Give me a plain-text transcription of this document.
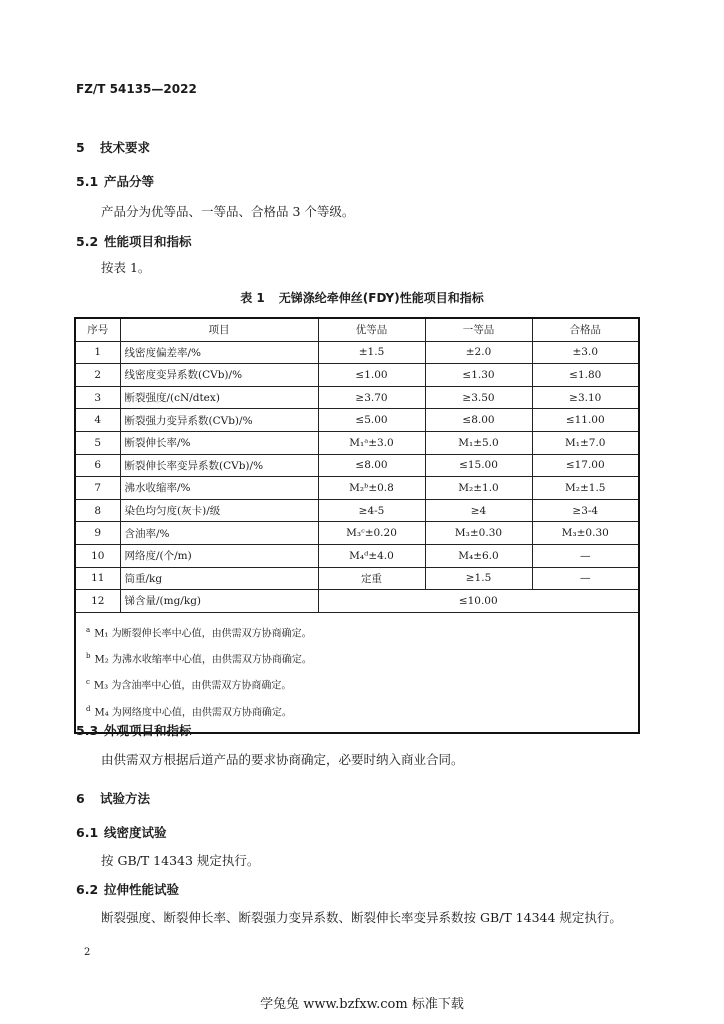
FZ/T 54135—2022
5 技术要求
5.1 产品分等
产品分为优等品、一等品、合格品 3 个等级。
5.2 性能项目和指标
按表 1。
表 1 无锑涤纶牵伸丝(FDY)性能项目和指标
序号	项目	优等品	一等品	合格品
1	线密度偏差率/%	±1.5	±2.0	±3.0
2	线密度变异系数(CVb)/%	≤1.00	≤1.30	≤1.80
3	断裂强度/(cN/dtex)	≥3.70	≥3.50	≥3.10
4	断裂强力变异系数(CVb)/%	≤5.00	≤8.00	≤11.00
5	断裂伸长率/%	M₁ᵃ±3.0	M₁±5.0	M₁±7.0
6	断裂伸长率变异系数(CVb)/%	≤8.00	≤15.00	≤17.00
7	沸水收缩率/%	M₂ᵇ±0.8	M₂±1.0	M₂±1.5
8	染色均匀度(灰卡)/级	≥4-5	≥4	≥3-4
9	含油率/%	M₃ᶜ±0.20	M₃±0.30	M₃±0.30
10	网络度/(个/m)	M₄ᵈ±4.0	M₄±6.0	—
11	筒重/kg	定重	≥1.5	—
12	锑含量/(mg/kg)	≤10.00		

$^a$ M₁ 为断裂伸长率中心值，由供需双方协商确定。
$^b$ M₂ 为沸水收缩率中心值，由供需双方协商确定。
$^c$ M₃ 为含油率中心值，由供需双方协商确定。
$^d$ M₄ 为网络度中心值，由供需双方协商确定。				
5.3 外观项目和指标
由供需双方根据后道产品的要求协商确定，必要时纳入商业合同。
6 试验方法
6.1 线密度试验
按 GB/T 14343 规定执行。
6.2 拉伸性能试验
断裂强度、断裂伸长率、断裂强力变异系数、断裂伸长率变异系数按 GB/T 14344 规定执行。
2
学兔兔 www.bzfxw.com 标准下载
